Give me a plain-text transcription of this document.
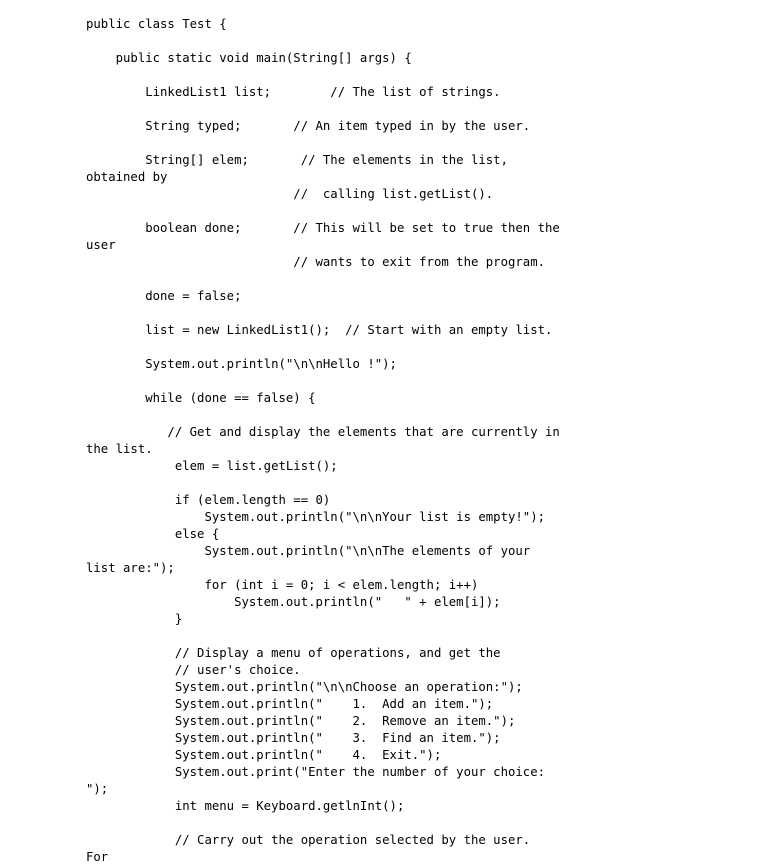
public class Test {
public static void main(String[] args) {
LinkedList1 list;        // The list of strings.
String typed;       // An item typed in by the user.
String[] elem;       // The elements in the list,
obtained by
//  calling list.getList().
boolean done;       // This will be set to true then the
user
// wants to exit from the program.
done = false;
list = new LinkedList1();  // Start with an empty list.
System.out.println("\n\nHello !");
while (done == false) {
// Get and display the elements that are currently in
the list.
elem = list.getList();
if (elem.length == 0)
System.out.println("\n\nYour list is empty!");
else {
System.out.println("\n\nThe elements of your
list are:");
for (int i = 0; i < elem.length; i++)
System.out.println("   " + elem[i]);
}
// Display a menu of operations, and get the
// user's choice.
System.out.println("\n\nChoose an operation:");
System.out.println("    1.  Add an item.");
System.out.println("    2.  Remove an item.");
System.out.println("    3.  Find an item.");
System.out.println("    4.  Exit.");
System.out.print("Enter the number of your choice:
");
int menu = Keyboard.getlnInt();
// Carry out the operation selected by the user.
For
